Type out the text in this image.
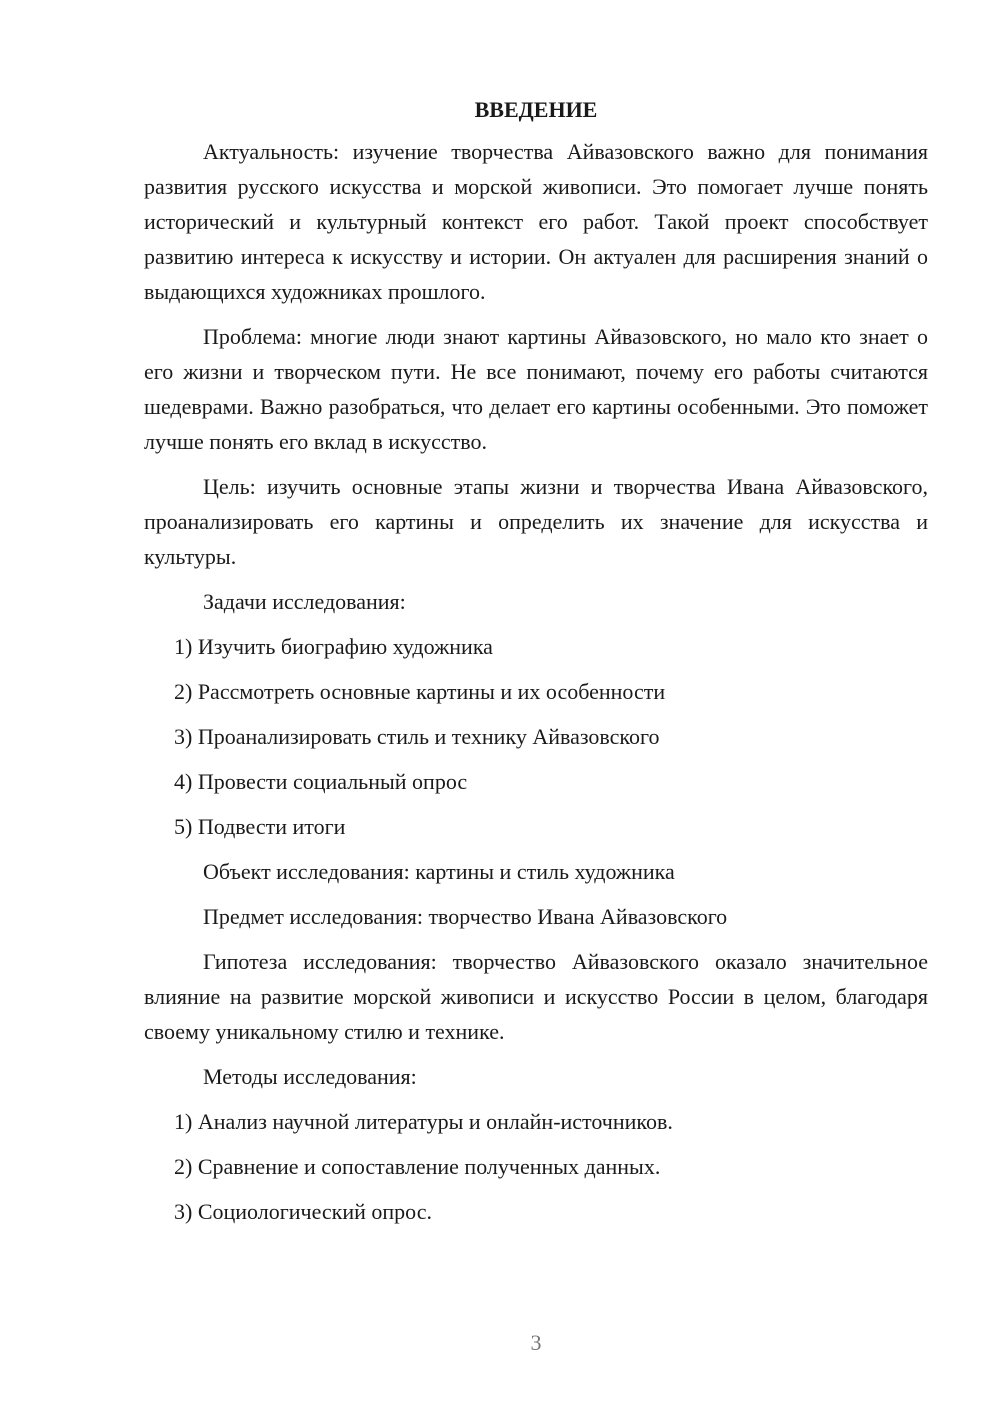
ВВЕДЕНИЕ

Актуальность: изучение творчества Айвазовского важно для понимания развития русского искусства и морской живописи. Это помогает лучше понять исторический и культурный контекст его работ. Такой проект способствует развитию интереса к искусству и истории. Он актуален для расширения знаний о выдающихся художниках прошлого.

Проблема: многие люди знают картины Айвазовского, но мало кто знает о его жизни и творческом пути. Не все понимают, почему его работы считаются шедеврами. Важно разобраться, что делает его картины особенными. Это поможет лучше понять его вклад в искусство.

Цель: изучить основные этапы жизни и творчества Ивана Айвазовского, проанализировать его картины и определить их значение для искусства и культуры.

Задачи исследования:
1) Изучить биографию художника
2) Рассмотреть основные картины и их особенности
3) Проанализировать стиль и технику Айвазовского
4) Провести социальный опрос
5) Подвести итоги
Объект исследования: картины и стиль художника
Предмет исследования: творчество Ивана Айвазовского

Гипотеза исследования: творчество Айвазовского оказало значительное влияние на развитие морской живописи и искусство России в целом, благодаря своему уникальному стилю и технике.

Методы исследования:
1) Анализ научной литературы и онлайн-источников.
2) Сравнение и сопоставление полученных данных.
3) Социологический опрос.
3
